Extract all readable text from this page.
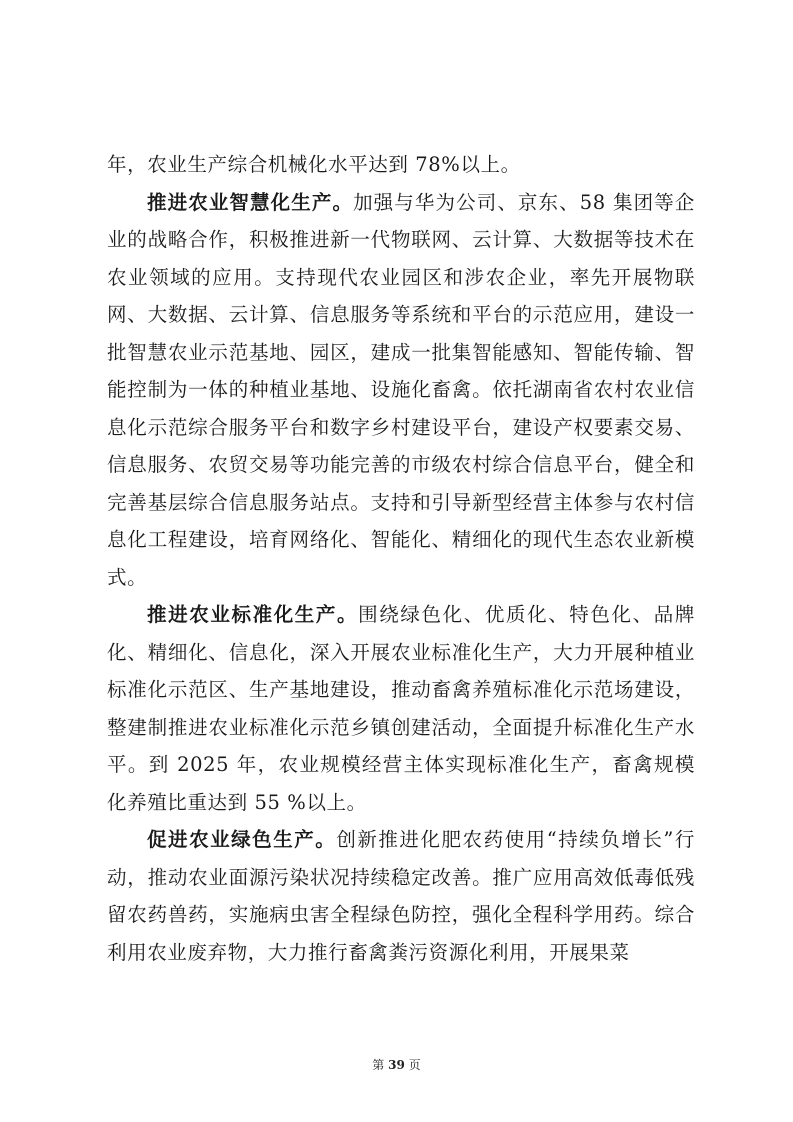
年，农业生产综合机械化水平达到 78%以上。

推进农业智慧化生产。加强与华为公司、京东、58 集团等企业的战略合作，积极推进新一代物联网、云计算、大数据等技术在农业领域的应用。支持现代农业园区和涉农企业，率先开展物联网、大数据、云计算、信息服务等系统和平台的示范应用，建设一批智慧农业示范基地、园区，建成一批集智能感知、智能传输、智能控制为一体的种植业基地、设施化畜禽。依托湖南省农村农业信息化示范综合服务平台和数字乡村建设平台，建设产权要素交易、信息服务、农贸交易等功能完善的市级农村综合信息平台，健全和完善基层综合信息服务站点。支持和引导新型经营主体参与农村信息化工程建设，培育网络化、智能化、精细化的现代生态农业新模式。

推进农业标准化生产。围绕绿色化、优质化、特色化、品牌化、精细化、信息化，深入开展农业标准化生产，大力开展种植业标准化示范区、生产基地建设，推动畜禽养殖标准化示范场建设，整建制推进农业标准化示范乡镇创建活动，全面提升标准化生产水平。到 2025 年，农业规模经营主体实现标准化生产，畜禽规模化养殖比重达到 55 %以上。

促进农业绿色生产。创新推进化肥农药使用“持续负增长”行动，推动农业面源污染状况持续稳定改善。推广应用高效低毒低残留农药兽药，实施病虫害全程绿色防控，强化全程科学用药。综合利用农业废弃物，大力推行畜禽粪污资源化利用，开展果菜

第 39 页
